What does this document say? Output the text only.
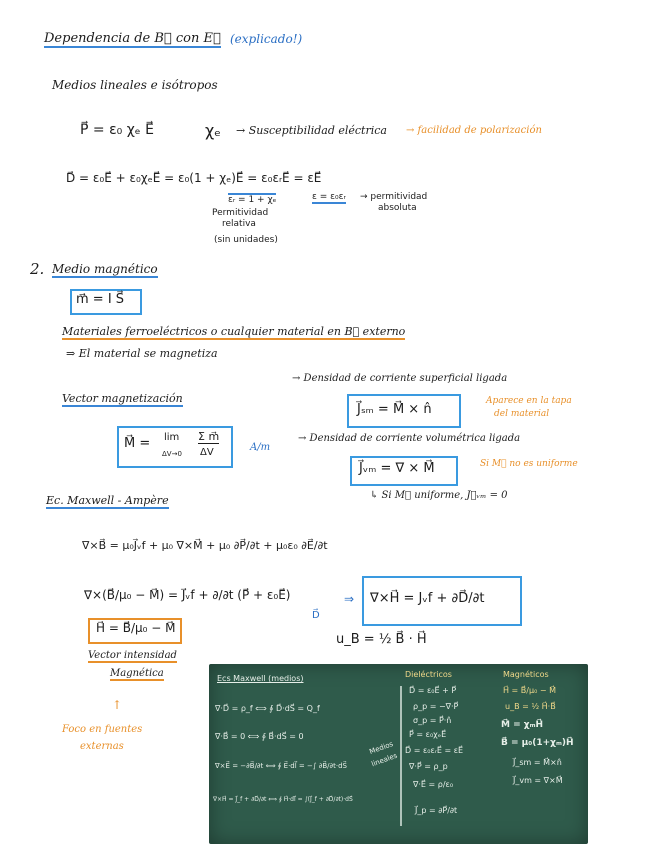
Dependencia de B⃗ con E⃗ (explicado!)
Medios lineales e isótropos
P⃗ = ε₀ χₑ E⃗	χₑ → Susceptibilidad eléctrica → facilidad de polarización
D⃗ = ε₀E⃗ + ε₀χₑE⃗ = ε₀(1 + χₑ)E⃗ = ε₀εᵣE⃗ = εE⃗
εᵣ = 1 + χₑ	ε = ε₀εᵣ → permitividad
absoluta
Permitividad
relativa
(sin unidades)
2. Medio magnético
m⃗ = I S⃗
Materiales ferroeléctricos o cualquier material en B⃗ externo
⇒ El material se magnetiza
Vector magnetización
→ Densidad de corriente superficial ligada
J⃗ₛₘ = M⃗ × n̂
Aparece en la tapa
del material
M⃗ = lim
ΔV→0
Σ m⃗
ΔV	A/m
→ Densidad de corriente volumétrica ligada
J⃗ᵥₘ = ∇ × M⃗	Si M⃗ no es uniforme
↳ Si M⃗ uniforme, J⃗ᵥₘ = 0
Ec. Maxwell - Ampère
∇×B⃗ = μ₀J⃗ᵥf + μ₀ ∇×M⃗ + μ₀ ∂P⃗/∂t + μ₀ε₀ ∂E⃗/∂t
∇×(B⃗/μ₀ − M⃗) = J⃗ᵥf + ∂/∂t (P⃗ + ε₀E⃗)
D⃗
⇒ ∇×H⃗ = Jᵥf + ∂D⃗/∂t
H⃗ = B⃗/μ₀ − M⃗
Vector intensidad
Magnética
u_B = ½ B⃗ · H⃗
↑
Foco en fuentes
externas
Ecs Maxwell (medios)
∇·D⃗ = ρ_f ⟺ ∮ D⃗·dS⃗ = Q_f
∇·B⃗ = 0 ⟺ ∮ B⃗·dS⃗ = 0
∇×E⃗ = −∂B⃗/∂t ⟺ ∮ E⃗·dl⃗ = −∫ ∂B⃗/∂t·dS⃗
∇×H⃗ = J⃗_f + ∂D⃗/∂t ⟺ ∮ H⃗·dl⃗ = ∫(J⃗_f + ∂D⃗/∂t)·dS⃗
Medios
lineales
Dieléctricos
D⃗ = ε₀E⃗ + P⃗
ρ_p = −∇·P⃗
σ_p = P⃗·n̂
P⃗ = ε₀χₑE⃗
D⃗ = ε₀εᵣE⃗ = εE⃗
∇·P⃗ = ρ_p
∇·E⃗ = ρ/ε₀
J⃗_p = ∂P⃗/∂t
Magnéticos
H⃗ = B⃗/μ₀ − M⃗
u_B = ½ H⃗·B⃗
M⃗ = χₘH⃗
B⃗ = μ₀(1+χₘ)H⃗
J⃗_sm = M⃗×n̂
J⃗_vm = ∇×M⃗
